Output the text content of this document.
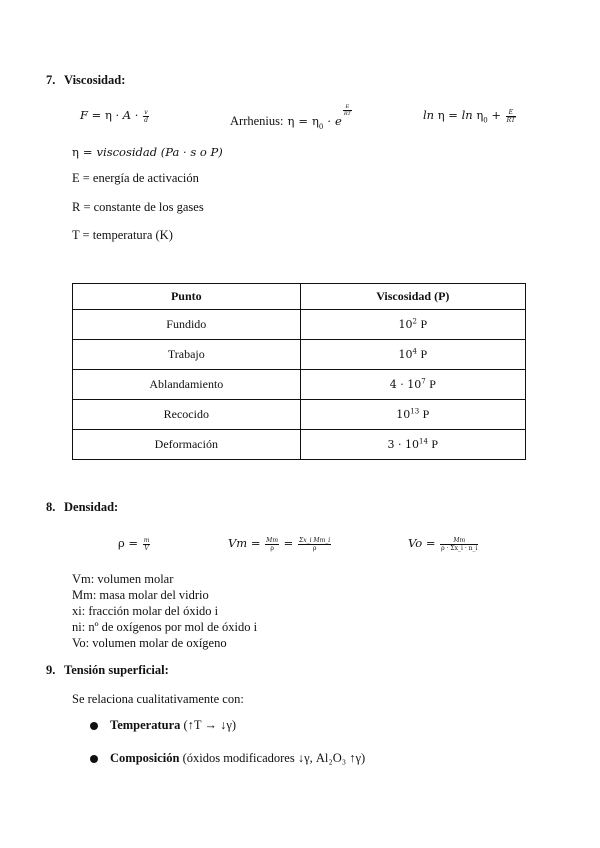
7. Viscosidad:
$F = \eta \cdot A \cdot \frac{v}{d}$	Arrhenius: $\eta = \eta_0 \cdot e$
$\frac{E}{RT}$	$\ln \eta = \ln \eta_0 + \frac{E}{RT}$
η = viscosidad (Pa · s o P)
E = energía de activación
R = constante de los gases
T = temperatura (K)
Punto	Viscosidad (P)
Fundido	$10^2$ P
Trabajo	$10^4$ P
Ablandamiento	$4 \cdot 10^7$ P
Recocido	$10^{13}$ P
Deformación	$3 \cdot 10^{14}$ P
8. Densidad:
$\rho = \frac{m}{V}$	$Vm = \frac{Mm}{\rho} = \frac{\text{Σx\_i Mm\_i}}{\rho}$	$Vo = \frac{Mm}{\rho \cdot \Sigma x\_i \cdot n\_i}$
Vm: volumen molar
Mm: masa molar del vidrio
xi: fracción molar del óxido i
ni: nº de oxígenos por mol de óxido i
Vo: volumen molar de oxígeno
9. Tensión superficial:
Se relaciona cualitativamente con:
Temperatura (↑T → ↓γ)
Composición (óxidos modificadores ↓γ, Al₂O₃ ↑γ)
